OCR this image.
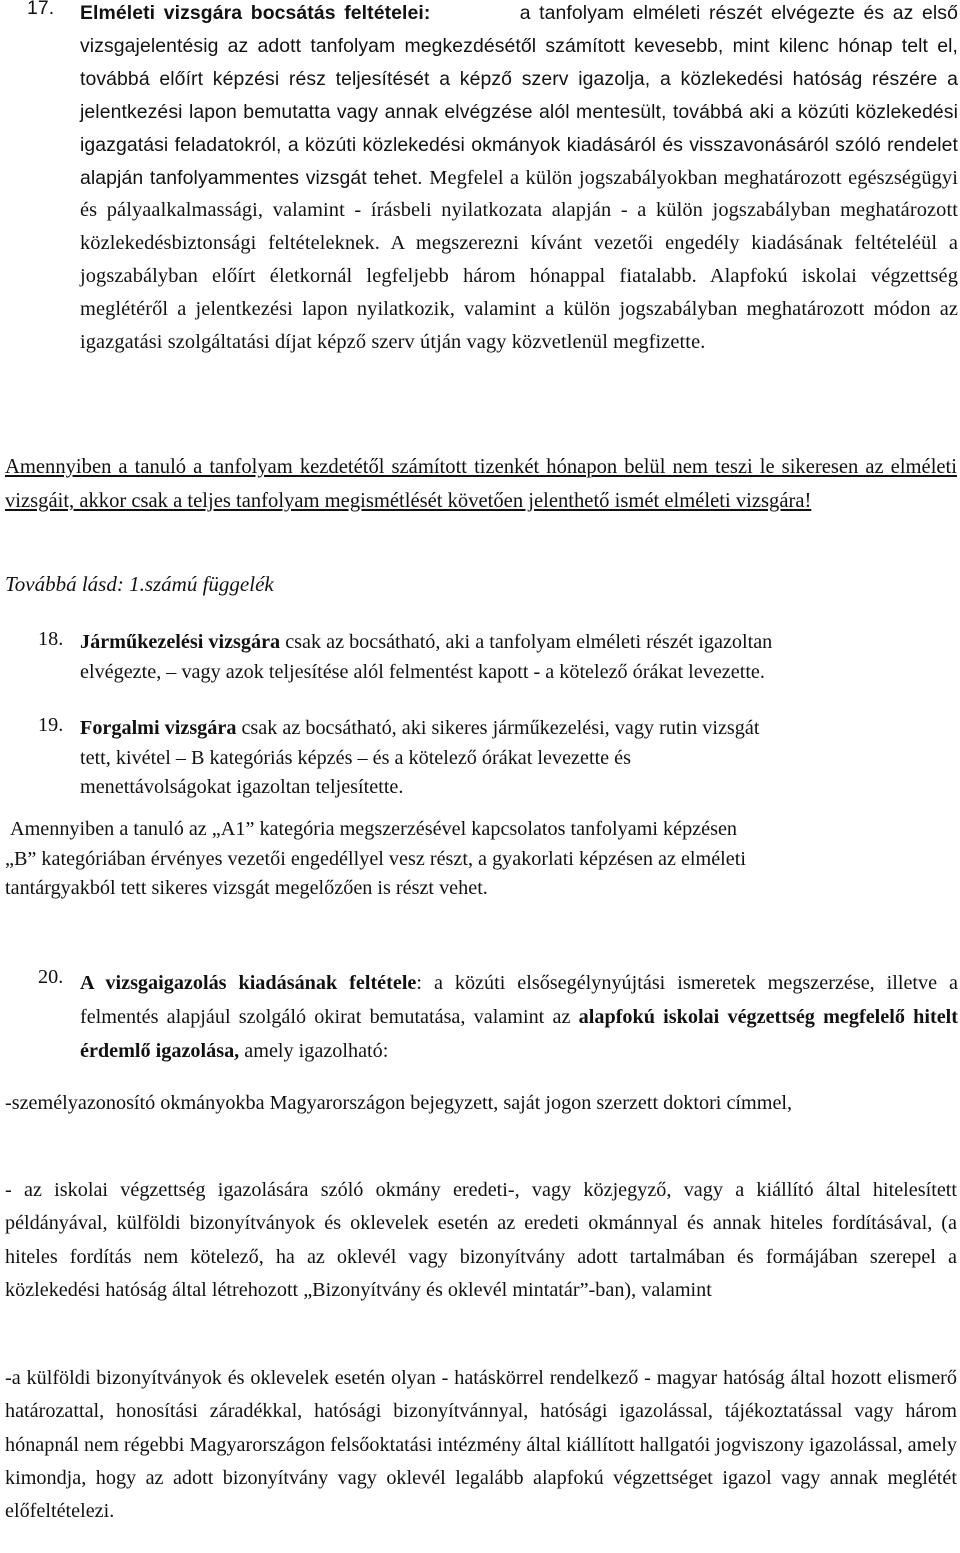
17. Elméleti vizsgára bocsátás feltételei:	a tanfolyam elméleti részét elvégezte és az első vizsgajelentésig az adott tanfolyam megkezdésétől számított kevesebb, mint kilenc hónap telt el, továbbá előírt képzési rész teljesítését a képző szerv igazolja, a közlekedési hatóság részére a jelentkezési lapon bemutatta vagy annak elvégzése alól mentesült, továbbá aki a közúti közlekedési igazgatási feladatokról, a közúti közlekedési okmányok kiadásáról és visszavonásáról szóló rendelet alapján tanfolyammentes vizsgát tehet. Megfelel a külön jogszabályokban meghatározott egészségügyi és pályaalkalmassági, valamint - írásbeli nyilatkozata alapján - a külön jogszabályban meghatározott közlekedésbiztonsági feltételeknek. A megszerezni kívánt vezetői engedély kiadásának feltételéül a jogszabályban előírt életkornál legfeljebb három hónappal fiatalabb. Alapfokú iskolai végzettség meglétéről a jelentkezési lapon nyilatkozik, valamint a külön jogszabályban meghatározott módon az igazgatási szolgáltatási díjat képző szerv útján vagy közvetlenül megfizette.

Amennyiben a tanuló a tanfolyam kezdetétől számított tizenkét hónapon belül nem teszi le sikeresen az elméleti vizsgáit, akkor csak a teljes tanfolyam megismétlését követően jelenthető ismét elméleti vizsgára!

Továbbá lásd: 1.számú függelék

18. Járműkezelési vizsgára csak az bocsátható, aki a tanfolyam elméleti részét igazoltan
elvégezte, – vagy azok teljesítése alól felmentést kapott - a kötelező órákat levezette.
19. Forgalmi vizsgára csak az bocsátható, aki sikeres járműkezelési, vagy rutin vizsgát
tett, kivétel – B kategóriás képzés – és a kötelező órákat levezette és
menettávolságokat igazoltan teljesítette.
Amennyiben a tanuló az „A1” kategória megszerzésével kapcsolatos tanfolyami képzésen
„B” kategóriában érvényes vezetői engedéllyel vesz részt, a gyakorlati képzésen az elméleti
tantárgyakból tett sikeres vizsgát megelőzően is részt vehet.
20. A vizsgaigazolás kiadásának feltétele: a közúti elsősegélynyújtási ismeretek megszerzése, illetve a felmentés alapjául szolgáló okirat bemutatása, valamint az alapfokú iskolai végzettség megfelelő hitelt érdemlő igazolása, amely igazolható:

-személyazonosító okmányokba Magyarországon bejegyzett, saját jogon szerzett doktori címmel,

- az iskolai végzettség igazolására szóló okmány eredeti-, vagy közjegyző, vagy a kiállító által hitelesített példányával, külföldi bizonyítványok és oklevelek esetén az eredeti okmánnyal és annak hiteles fordításával, (a hiteles fordítás nem kötelező, ha az oklevél vagy bizonyítvány adott tartalmában és formájában szerepel a közlekedési hatóság által létrehozott „Bizonyítvány és oklevél mintatár”-ban), valamint

-a külföldi bizonyítványok és oklevelek esetén olyan - hatáskörrel rendelkező - magyar hatóság által hozott elismerő határozattal, honosítási záradékkal, hatósági bizonyítvánnyal, hatósági igazolással, tájékoztatással vagy három hónapnál nem régebbi Magyarországon felsőoktatási intézmény által kiállított hallgatói jogviszony igazolással, amely kimondja, hogy az adott bizonyítvány vagy oklevél legalább alapfokú végzettséget igazol vagy annak meglétét előfeltételezi.
